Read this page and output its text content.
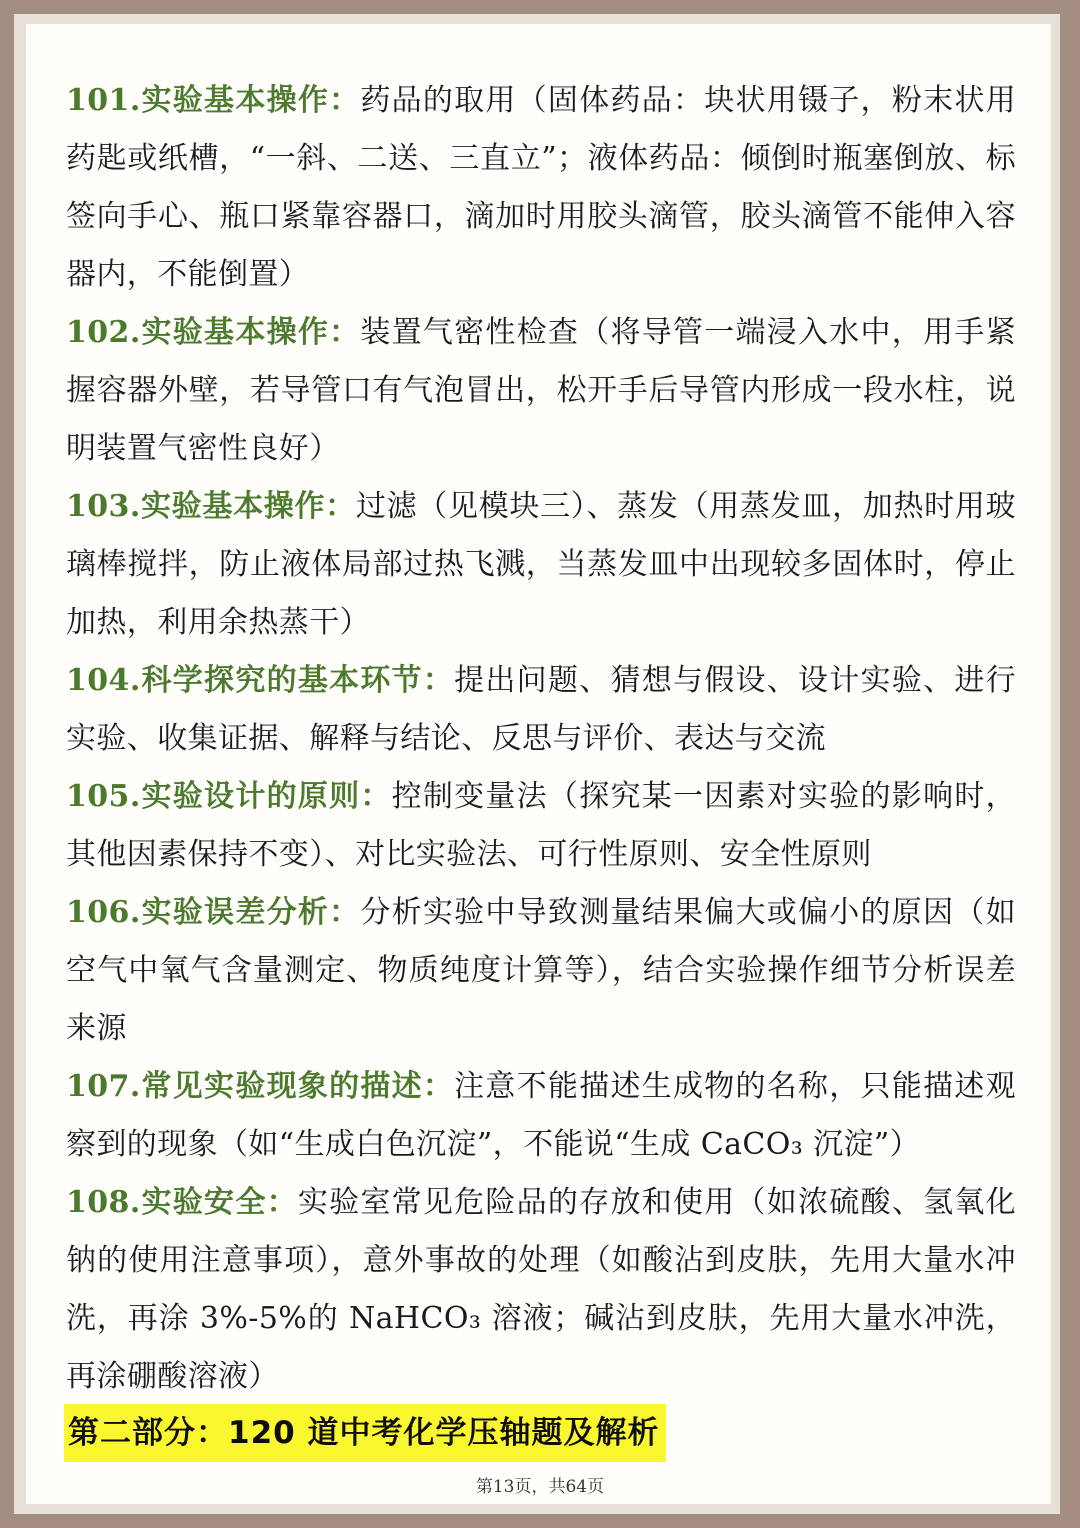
101.实验基本操作：药品的取用（固体药品：块状用镊子，粉末状用药匙或纸槽，“一斜、二送、三直立”；液体药品：倾倒时瓶塞倒放、标签向手心、瓶口紧靠容器口，滴加时用胶头滴管，胶头滴管不能伸入容器内，不能倒置）

102.实验基本操作：装置气密性检查（将导管一端浸入水中，用手紧握容器外壁，若导管口有气泡冒出，松开手后导管内形成一段水柱，说明装置气密性良好）

103.实验基本操作：过滤（见模块三）、蒸发（用蒸发皿，加热时用玻璃棒搅拌，防止液体局部过热飞溅，当蒸发皿中出现较多固体时，停止加热，利用余热蒸干）

104.科学探究的基本环节：提出问题、猜想与假设、设计实验、进行实验、收集证据、解释与结论、反思与评价、表达与交流

105.实验设计的原则：控制变量法（探究某一因素对实验的影响时，其他因素保持不变）、对比实验法、可行性原则、安全性原则

106.实验误差分析：分析实验中导致测量结果偏大或偏小的原因（如空气中氧气含量测定、物质纯度计算等），结合实验操作细节分析误差来源

107.常见实验现象的描述：注意不能描述生成物的名称，只能描述观察到的现象（如“生成白色沉淀”，不能说“生成 CaCO₃ 沉淀”）

108.实验安全：实验室常见危险品的存放和使用（如浓硫酸、氢氧化钠的使用注意事项），意外事故的处理（如酸沾到皮肤，先用大量水冲洗，再涂 3%-5%的 NaHCO₃ 溶液；碱沾到皮肤，先用大量水冲洗，再涂硼酸溶液）

第二部分：120 道中考化学压轴题及解析
第13页，共64页
